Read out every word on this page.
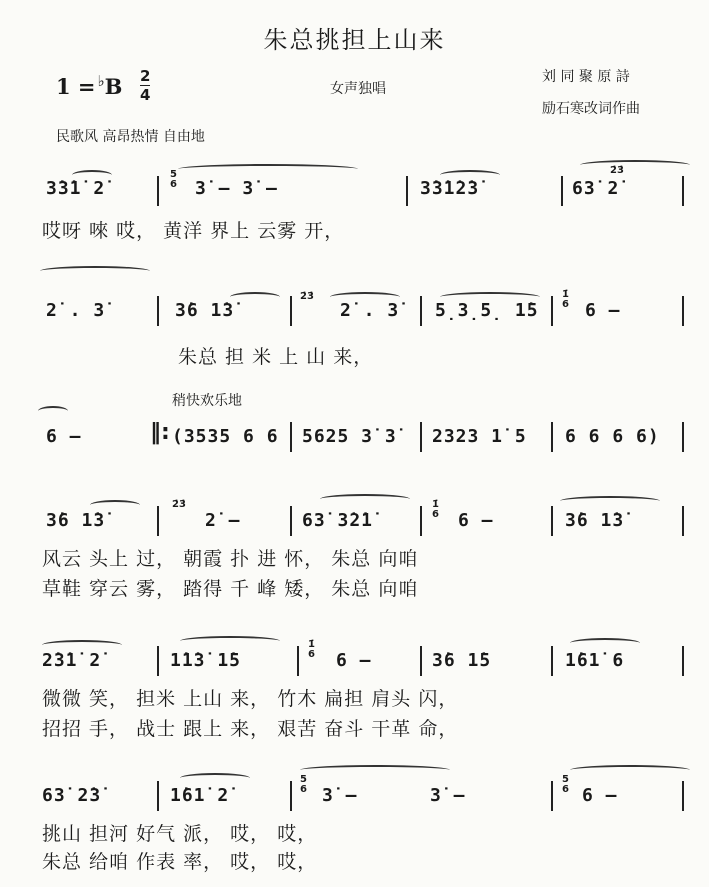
朱总挑担上山来
1 = ♭B 2
4	女声独唱
刘 同 聚 原 詩
励石寒改词作曲
民歌风 高昂热情 自由地
3̇3̇1̇ 2̇
5
6 3̇ – 3̇ –	3̇3̇1̇2̇3̇	63̇ 2̇
2̇3̇
哎呀 唻 哎， 黄洋 界上 云雾 开，
2̇ . 3̇	3̇6 1̇3̇
2̇3̇
2̇ . 3̇ 5̣3̣5̣ 1̇5
1̇
6 6 –
朱总 担 米 上 山 来，
稍快欢乐地
6 –	‖: (3535 6 6 5625 3̇ 3̇ 2323 1̇ 5 6 6 6 6)
3̇6 1̇3̇
2̇3̇
2̇ –	63̇ 3̇2̇1̇
1̇
6 6 –	3̇6 1̇3̇
风云 头上 过， 朝霞 扑 进 怀， 朱总 向咱
草鞋 穿云 雾， 踏得 千 峰 矮， 朱总 向咱
2̇3̇1̇ 2̇	1̇1̇3̇ 1̇5
1̇
6 6 –	3̇6 1̇5	1̇61̇ 6
微微 笑， 担米 上山 来， 竹木 扁担 肩头 闪，
招招 手， 战士 跟上 来， 艰苦 奋斗 干革 命，
63̇ 2̇3̇	1̇61̇ 2̇
5
6 3̇ –	3̇ –
5
6 6 –
挑山 担河 好气 派， 哎， 哎，
朱总 给咱 作表 率， 哎， 哎，
